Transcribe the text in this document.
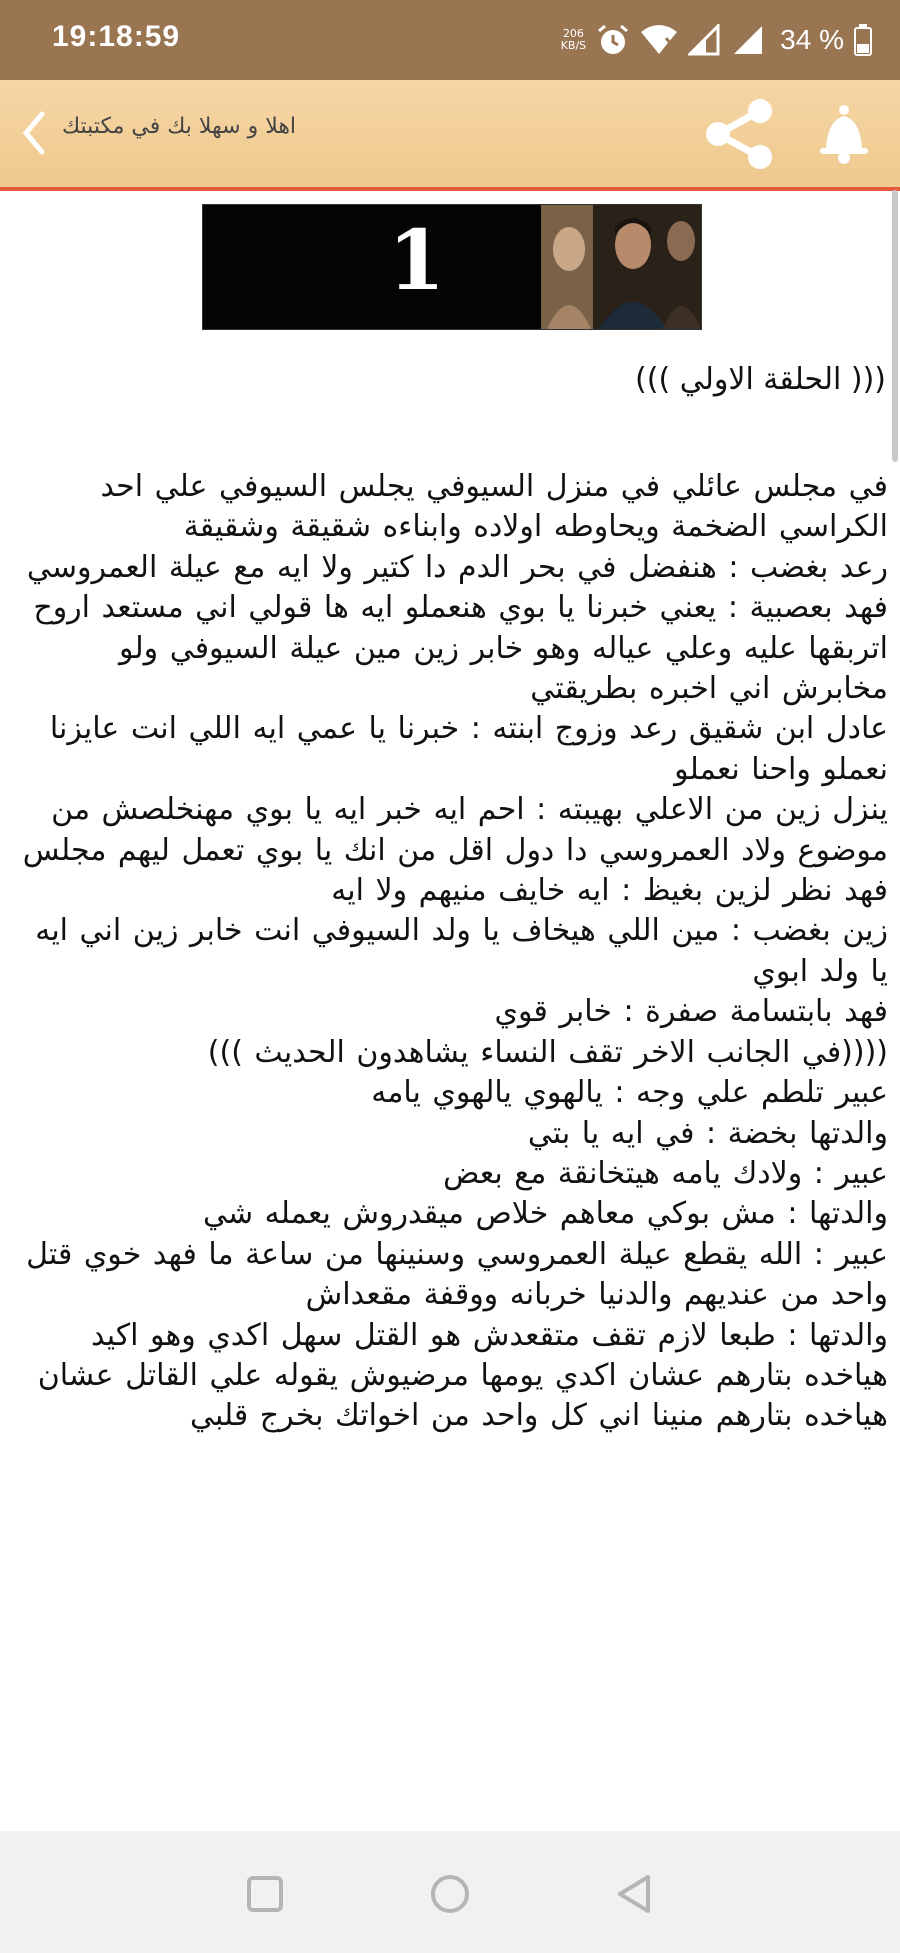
19:18:59	206
KB/S	34 %
اهلا و سهلا بك في مكتبتك
1
((( الحلقة الاولي )))

في مجلس عائلي في منزل السيوفي يجلس السيوفي علي احد الكراسي الضخمة ويحاوطه اولاده وابناءه شقيقة وشقيقة

رعد بغضب : هنفضل في بحر الدم دا كتير ولا ايه مع عيلة العمروسي

فهد بعصبية : يعني خبرنا يا بوي هنعملو ايه ها قولي اني مستعد اروح اتربقها عليه وعلي عياله وهو خابر زين مين عيلة السيوفي ولو مخابرش اني اخبره بطريقتي

عادل ابن شقيق رعد وزوج ابنته : خبرنا يا عمي ايه اللي انت عايزنا نعملو واحنا نعملو

ينزل زين من الاعلي بهيبته : احم ايه خبر ايه يا بوي مهنخلصش من موضوع ولاد العمروسي دا دول اقل من انك يا بوي تعمل ليهم مجلس

فهد نظر لزين بغيظ : ايه خايف منيهم ولا ايه

زين بغضب : مين اللي هيخاف يا ولد السيوفي انت خابر زين اني ايه يا ولد ابوي

فهد بابتسامة صفرة : خابر قوي

((((في الجانب الاخر تقف النساء يشاهدون الحديث )))

عبير تلطم علي وجه : يالهوي يالهوي يامه

والدتها بخضة : في ايه يا بتي

عبير : ولادك يامه هيتخانقة مع بعض

والدتها : مش بوكي معاهم خلاص ميقدروش يعمله شي

عبير : الله يقطع عيلة العمروسي وسنينها من ساعة ما فهد خوي قتل واحد من عنديهم والدنيا خربانه ووقفة مقعداش

والدتها : طبعا لازم تقف متقعدش هو القتل سهل اكدي وهو اكيد هياخده بتارهم عشان اكدي يومها مرضيوش يقوله علي القاتل عشان هياخده بتارهم منينا اني كل واحد من اخواتك بخرج قلبي
